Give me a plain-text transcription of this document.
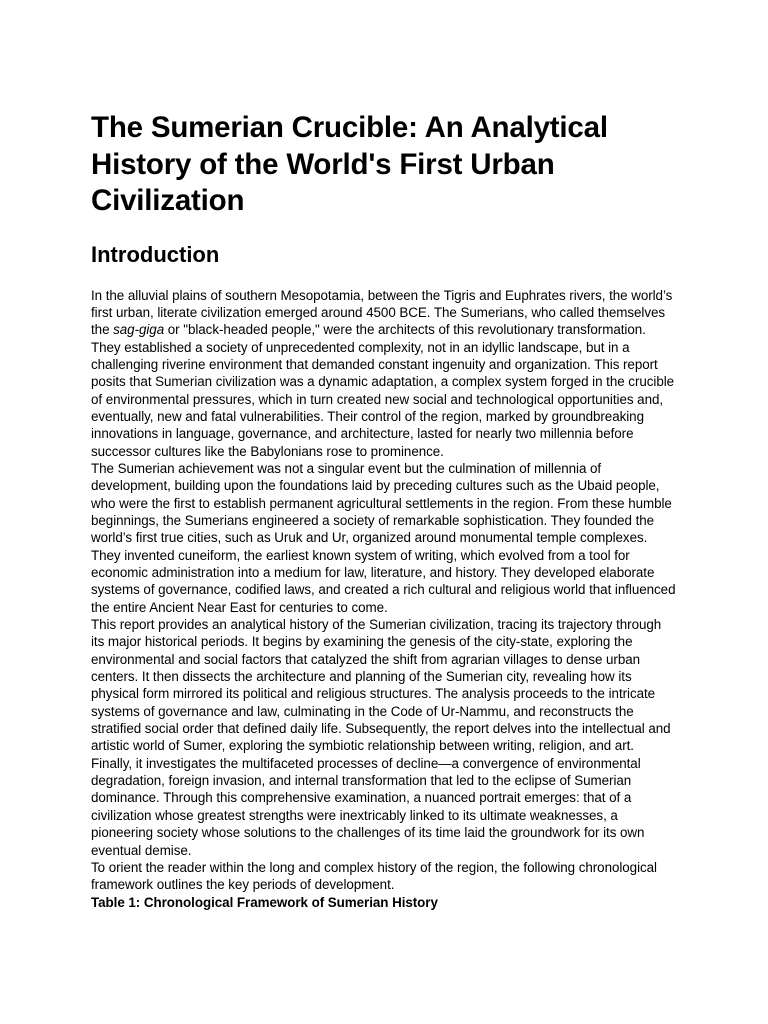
The Sumerian Crucible: An Analytical History of the World's First Urban Civilization
Introduction

In the alluvial plains of southern Mesopotamia, between the Tigris and Euphrates rivers, the world’s first urban, literate civilization emerged around 4500 BCE. The Sumerians, who called themselves the sag-giga or "black-headed people," were the architects of this revolutionary transformation. They established a society of unprecedented complexity, not in an idyllic landscape, but in a challenging riverine environment that demanded constant ingenuity and organization. This report posits that Sumerian civilization was a dynamic adaptation, a complex system forged in the crucible of environmental pressures, which in turn created new social and technological opportunities and, eventually, new and fatal vulnerabilities. Their control of the region, marked by groundbreaking innovations in language, governance, and architecture, lasted for nearly two millennia before successor cultures like the Babylonians rose to prominence.

The Sumerian achievement was not a singular event but the culmination of millennia of development, building upon the foundations laid by preceding cultures such as the Ubaid people, who were the first to establish permanent agricultural settlements in the region. From these humble beginnings, the Sumerians engineered a society of remarkable sophistication. They founded the world’s first true cities, such as Uruk and Ur, organized around monumental temple complexes. They invented cuneiform, the earliest known system of writing, which evolved from a tool for economic administration into a medium for law, literature, and history. They developed elaborate systems of governance, codified laws, and created a rich cultural and religious world that influenced the entire Ancient Near East for centuries to come.

This report provides an analytical history of the Sumerian civilization, tracing its trajectory through its major historical periods. It begins by examining the genesis of the city-state, exploring the environmental and social factors that catalyzed the shift from agrarian villages to dense urban centers. It then dissects the architecture and planning of the Sumerian city, revealing how its physical form mirrored its political and religious structures. The analysis proceeds to the intricate systems of governance and law, culminating in the Code of Ur-Nammu, and reconstructs the stratified social order that defined daily life. Subsequently, the report delves into the intellectual and artistic world of Sumer, exploring the symbiotic relationship between writing, religion, and art. Finally, it investigates the multifaceted processes of decline—a convergence of environmental degradation, foreign invasion, and internal transformation that led to the eclipse of Sumerian dominance. Through this comprehensive examination, a nuanced portrait emerges: that of a civilization whose greatest strengths were inextricably linked to its ultimate weaknesses, a pioneering society whose solutions to the challenges of its time laid the groundwork for its own eventual demise.

To orient the reader within the long and complex history of the region, the following chronological framework outlines the key periods of development.

Table 1: Chronological Framework of Sumerian History
